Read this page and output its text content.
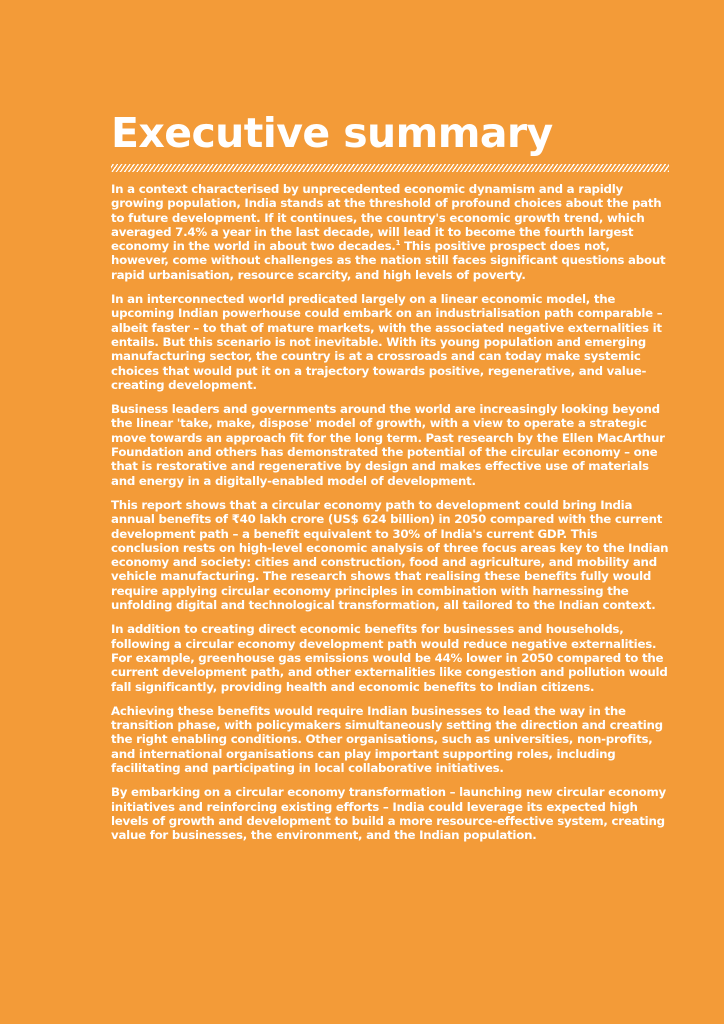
Executive summary

In a context characterised by unprecedented economic dynamism and a rapidly growing population, India stands at the threshold of profound choices about the path to future development. If it continues, the country's economic growth trend, which averaged 7.4% a year in the last decade, will lead it to become the fourth largest economy in the world in about two decades.$^1$ This positive prospect does not, however, come without challenges as the nation still faces significant questions about rapid urbanisation, resource scarcity, and high levels of poverty.

In an interconnected world predicated largely on a linear economic model, the upcoming Indian powerhouse could embark on an industrialisation path comparable – albeit faster – to that of mature markets, with the associated negative externalities it entails. But this scenario is not inevitable. With its young population and emerging manufacturing sector, the country is at a crossroads and can today make systemic choices that would put it on a trajectory towards positive, regenerative, and value-creating development.

Business leaders and governments around the world are increasingly looking beyond the linear 'take, make, dispose' model of growth, with a view to operate a strategic move towards an approach fit for the long term. Past research by the Ellen MacArthur Foundation and others has demonstrated the potential of the circular economy – one that is restorative and regenerative by design and makes effective use of materials and energy in a digitally-enabled model of development.

This report shows that a circular economy path to development could bring India annual benefits of ₹40 lakh crore (US$ 624 billion) in 2050 compared with the current development path – a benefit equivalent to 30% of India's current GDP. This conclusion rests on high-level economic analysis of three focus areas key to the Indian economy and society: cities and construction, food and agriculture, and mobility and vehicle manufacturing. The research shows that realising these benefits fully would require applying circular economy principles in combination with harnessing the unfolding digital and technological transformation, all tailored to the Indian context.

In addition to creating direct economic benefits for businesses and households, following a circular economy development path would reduce negative externalities. For example, greenhouse gas emissions would be 44% lower in 2050 compared to the current development path, and other externalities like congestion and pollution would fall significantly, providing health and economic benefits to Indian citizens.

Achieving these benefits would require Indian businesses to lead the way in the transition phase, with policymakers simultaneously setting the direction and creating the right enabling conditions. Other organisations, such as universities, non-profits, and international organisations can play important supporting roles, including facilitating and participating in local collaborative initiatives.

By embarking on a circular economy transformation – launching new circular economy initiatives and reinforcing existing efforts – India could leverage its expected high levels of growth and development to build a more resource-effective system, creating value for businesses, the environment, and the Indian population.
